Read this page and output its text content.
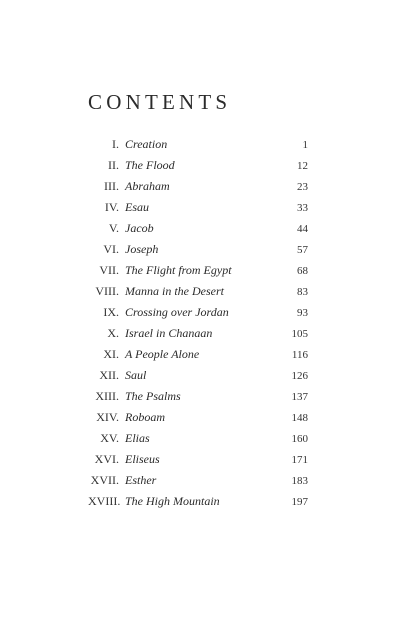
CONTENTS
I. Creation	1
II. The Flood	12
III. Abraham	23
IV. Esau	33
V. Jacob	44
VI. Joseph	57
VII. The Flight from Egypt	68
VIII. Manna in the Desert	83
IX. Crossing over Jordan	93
X. Israel in Chanaan	105
XI. A People Alone	116
XII. Saul	126
XIII. The Psalms	137
XIV. Roboam	148
XV. Elias	160
XVI. Eliseus	171
XVII. Esther	183
XVIII. The High Mountain	197
